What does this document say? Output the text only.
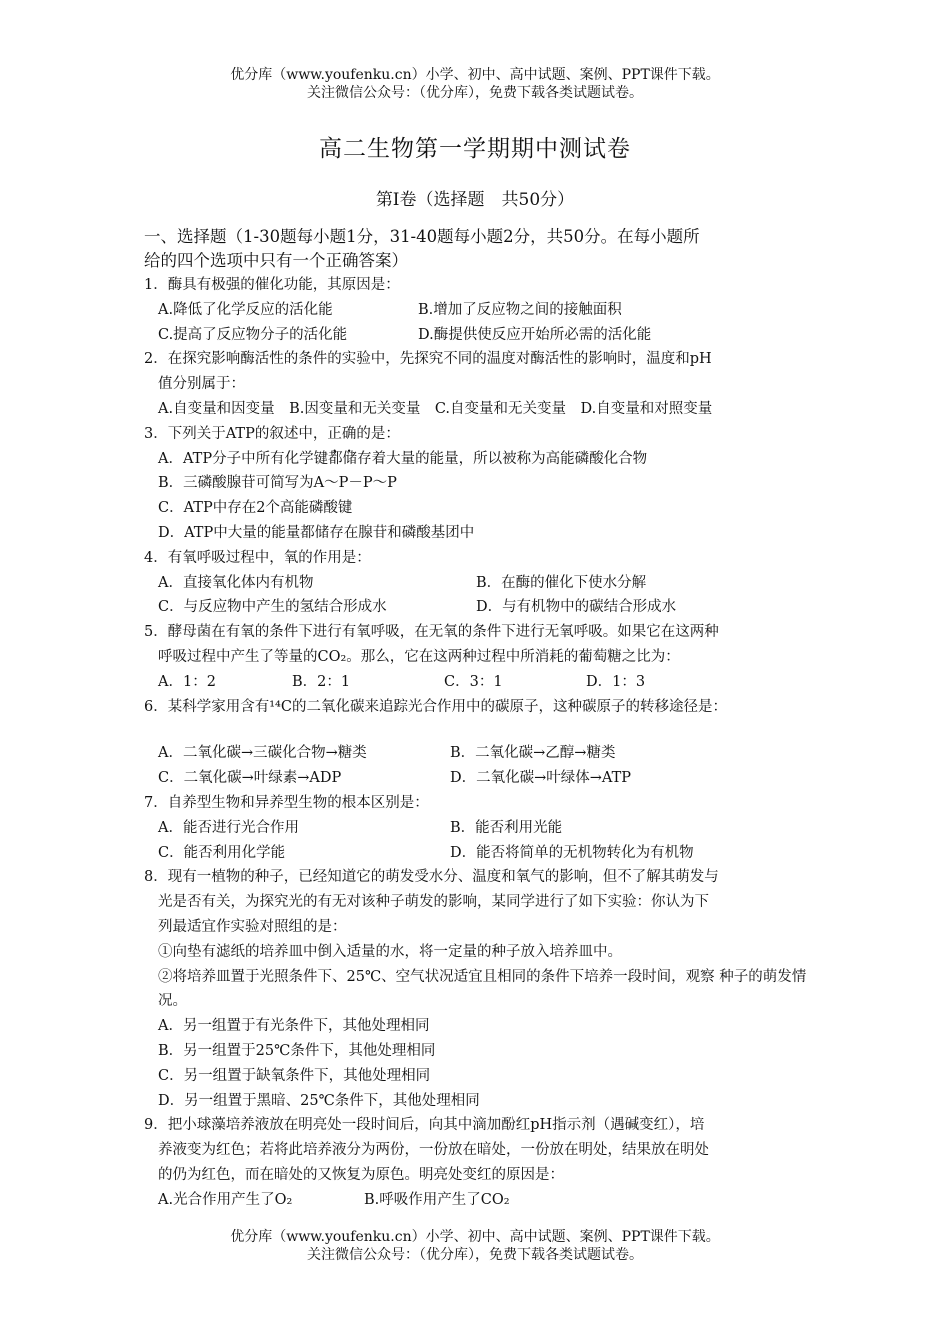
优分库（www.youfenku.cn）小学、初中、高中试题、案例、PPT课件下载。
关注微信公众号：（优分库），免费下载各类试题试卷。
高二生物第一学期期中测试卷
第Ⅰ卷（选择题　共50分）
一、选择题（1-30题每小题1分，31-40题每小题2分，共50分。在每小题所
给的四个选项中只有一个正确答案）
1．酶具有极强的催化功能，其原因是：
A.降低了化学反应的活化能	B.增加了反应物之间的接触面积
C.提高了反应物分子的活化能	D.酶提供使反应开始所必需的活化能
2．在探究影响酶活性的条件的实验中，先探究不同的温度对酶活性的影响时，温度和pH
值分别属于：
A.自变量和因变量　B.因变量和无关变量　C.自变量和无关变量　D.自变量和对照变量
3．下列关于ATP的叙述中，正确的是：
A．ATP分子中所有化学键都储存着大量的能量，所以被称为高能磷酸化合物
B．三磷酸腺苷可简写为A～P－P～P
C．ATP中存在2个高能磷酸键
D．ATP中大量的能量都储存在腺苷和磷酸基团中
4．有氧呼吸过程中，氧的作用是：
A．直接氧化体内有机物	B．在酶的催化下使水分解
C．与反应物中产生的氢结合形成水	D．与有机物中的碳结合形成水
5．酵母菌在有氧的条件下进行有氧呼吸，在无氧的条件下进行无氧呼吸。如果它在这两种
呼吸过程中产生了等量的CO₂。那么，它在这两种过程中所消耗的葡萄糖之比为：
A．1：2	B．2：1	C．3：1	D．1：3
6．某科学家用含有¹⁴C的二氧化碳来追踪光合作用中的碳原子，这种碳原子的转移途径是：
A．二氧化碳→三碳化合物→糖类	B．二氧化碳→乙醇→糖类
C．二氧化碳→叶绿素→ADP	D．二氧化碳→叶绿体→ATP
7．自养型生物和异养型生物的根本区别是：
A．能否进行光合作用	B．能否利用光能
C．能否利用化学能	D．能否将简单的无机物转化为有机物
8．现有一植物的种子，已经知道它的萌发受水分、温度和氧气的影响，但不了解其萌发与
光是否有关，为探究光的有无对该种子萌发的影响，某同学进行了如下实验：你认为下
列最适宜作实验对照组的是：
①向垫有滤纸的培养皿中倒入适量的水，将一定量的种子放入培养皿中。
②将培养皿置于光照条件下、25℃、空气状况适宜且相同的条件下培养一段时间，观察 种子的萌发情况。
A．另一组置于有光条件下，其他处理相同
B．另一组置于25℃条件下，其他处理相同
C．另一组置于缺氧条件下，其他处理相同
D．另一组置于黑暗、25℃条件下，其他处理相同
9．把小球藻培养液放在明亮处一段时间后，向其中滴加酚红pH指示剂（遇碱变红），培
养液变为红色；若将此培养液分为两份，一份放在暗处，一份放在明处，结果放在明处
的仍为红色，而在暗处的又恢复为原色。明亮处变红的原因是：
A.光合作用产生了O₂	B.呼吸作用产生了CO₂
优分库（www.youfenku.cn）小学、初中、高中试题、案例、PPT课件下载。
关注微信公众号：（优分库），免费下载各类试题试卷。
